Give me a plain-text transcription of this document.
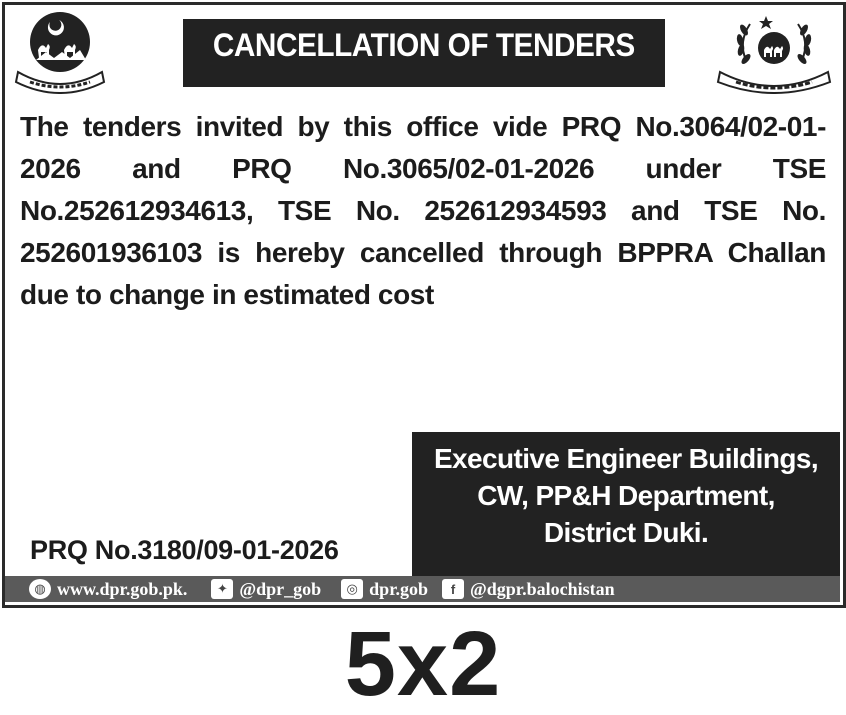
CANCELLATION OF TENDERS
The tenders invited by this office vide PRQ No.3064/02-01-2026 and PRQ No.3065/02-01-2026 under TSE No.252612934613, TSE No. 252612934593 and TSE No. 252601936103 is hereby cancelled through BPPRA Challan due to change in estimated cost
Executive Engineer Buildings,
CW, PP&H Department,
District Duki.
PRQ No.3180/09-01-2026
◍ www.dpr.gob.pk.	✦ @dpr_gob	◎ dpr.gob	f @dgpr.balochistan
5x2
